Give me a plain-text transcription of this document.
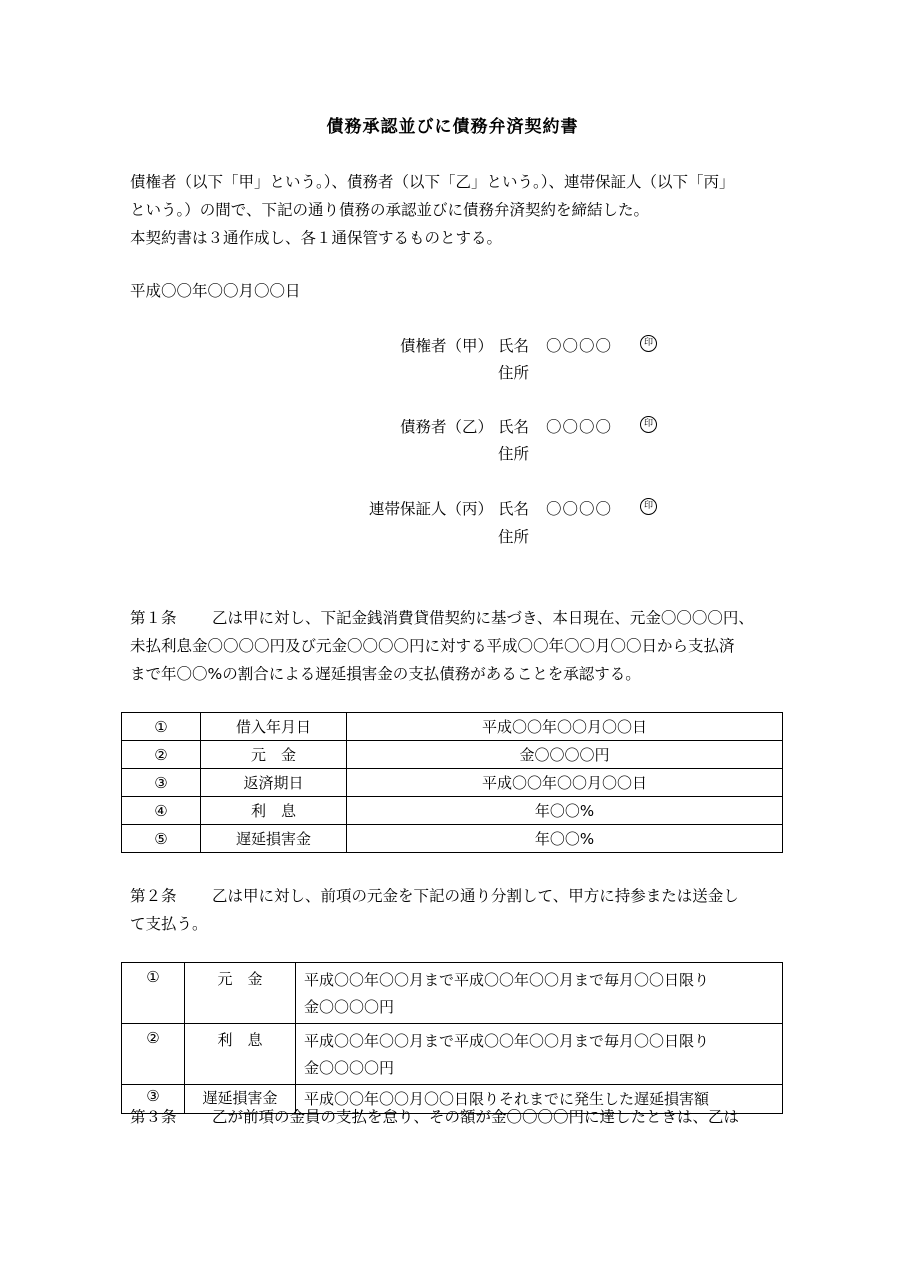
債務承認並びに債務弁済契約書
債権者（以下「甲」という。）、債務者（以下「乙」という。）、連帯保証人（以下「丙」
という。）の間で、下記の通り債務の承認並びに債務弁済契約を締結した。
本契約書は３通作成し、各１通保管するものとする。
平成〇〇年〇〇月〇〇日
債権者（甲） 氏名 〇〇〇〇	印
住所
債務者（乙） 氏名 〇〇〇〇	印
住所
連帯保証人（丙） 氏名 〇〇〇〇	印
住所
第１条 乙は甲に対し、下記金銭消費貸借契約に基づき、本日現在、元金〇〇〇〇円、
未払利息金〇〇〇〇円及び元金〇〇〇〇円に対する平成〇〇年〇〇月〇〇日から支払済
まで年〇〇%の割合による遅延損害金の支払債務があることを承認する。
①	借入年月日	平成〇〇年〇〇月〇〇日
②	元　金	金〇〇〇〇円
③	返済期日	平成〇〇年〇〇月〇〇日
④	利　息	年〇〇%
⑤	遅延損害金	年〇〇%
第２条 乙は甲に対し、前項の元金を下記の通り分割して、甲方に持参または送金し
て支払う。
①	元　金	平成〇〇年〇〇月まで平成〇〇年〇〇月まで毎月〇〇日限り
金〇〇〇〇円

②	利　息	平成〇〇年〇〇月まで平成〇〇年〇〇月まで毎月〇〇日限り
金〇〇〇〇円

③	遅延損害金	平成〇〇年〇〇月〇〇日限りそれまでに発生した遅延損害額
第３条 乙が前項の金員の支払を怠り、その額が金〇〇〇〇円に達したときは、乙は
